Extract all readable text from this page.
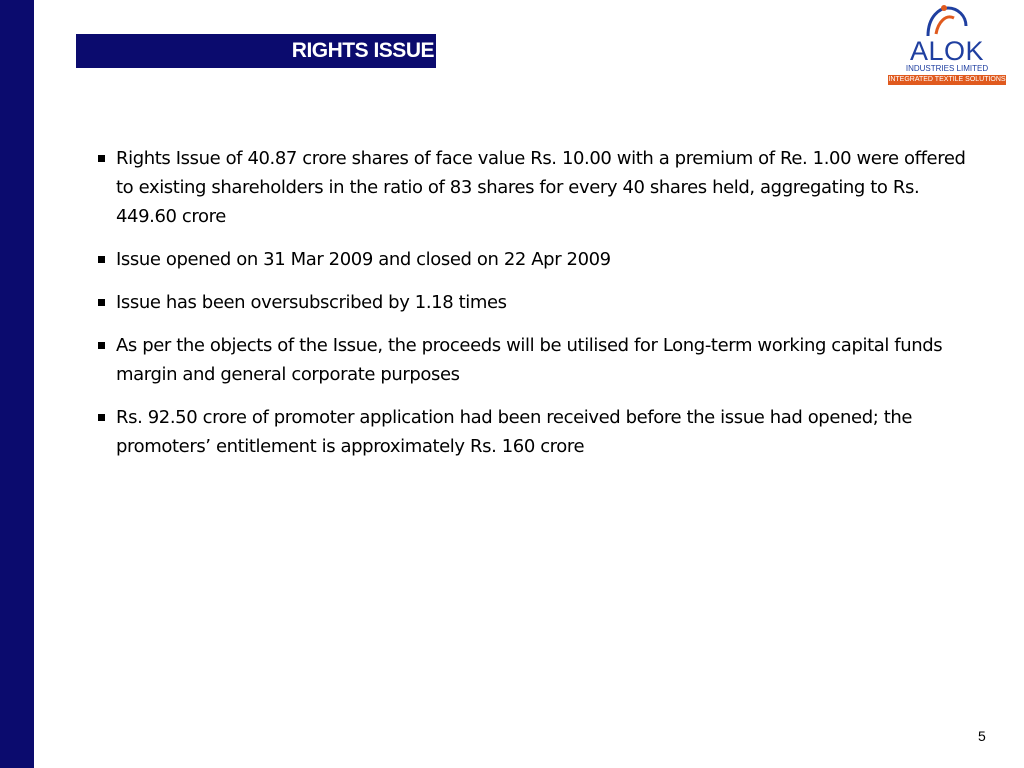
RIGHTS ISSUE	ALOK
INDUSTRIES LIMITED
INTEGRATED TEXTILE SOLUTIONS
Rights Issue of 40.87 crore shares of face value Rs. 10.00 with a premium of Re. 1.00 were offered to existing shareholders in the ratio of 83 shares for every 40 shares held, aggregating to Rs. 449.60 crore
Issue opened on 31 Mar 2009 and closed on 22 Apr 2009
Issue has been oversubscribed by 1.18 times
As per the objects of the Issue, the proceeds will be utilised for Long-term working capital funds margin and general corporate purposes
Rs. 92.50 crore of promoter application had been received before the issue had opened; the promoters’ entitlement is approximately Rs. 160 crore
5
